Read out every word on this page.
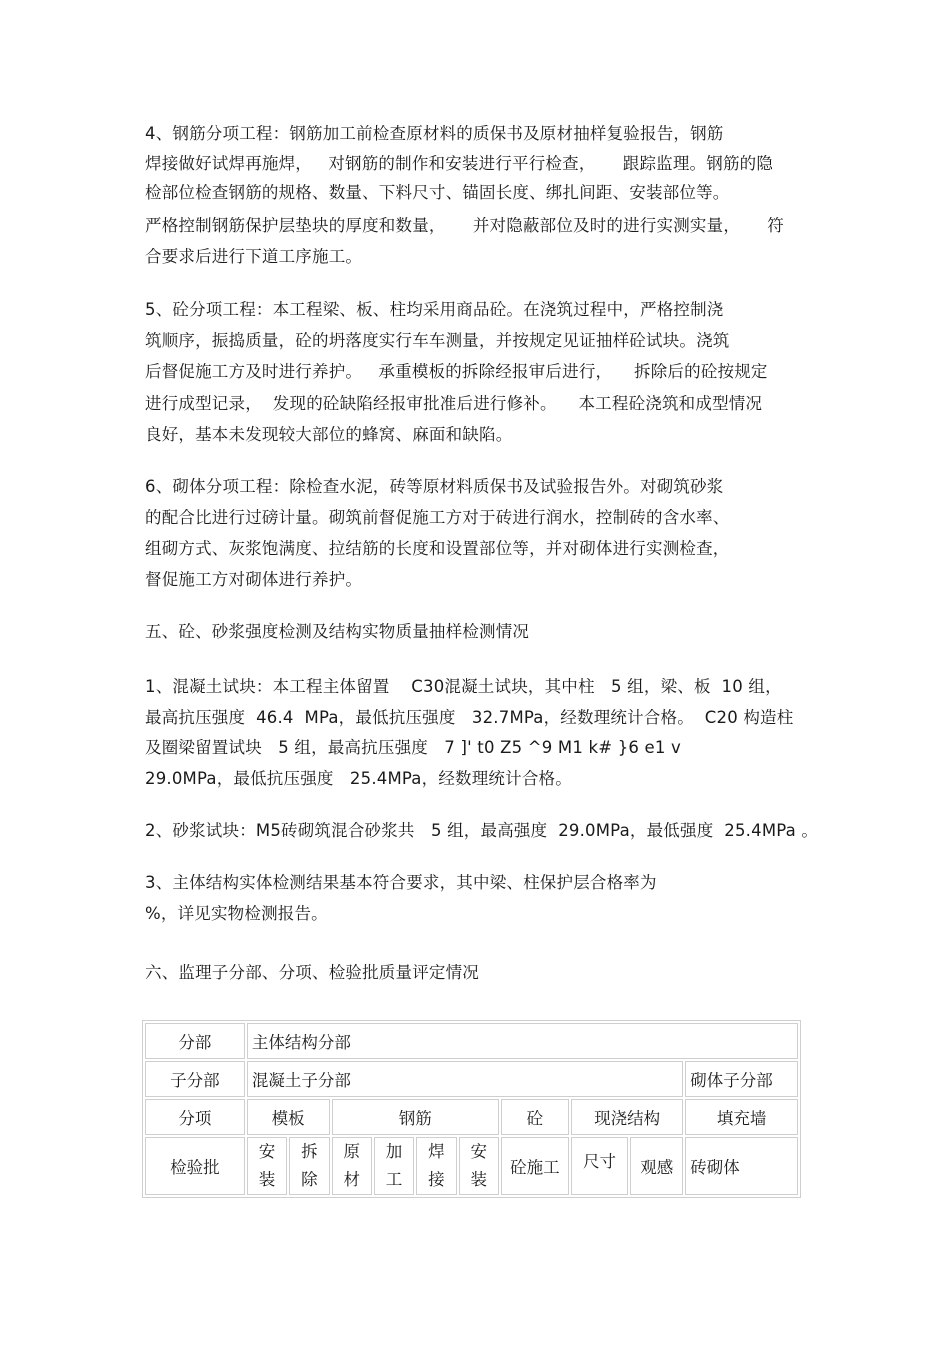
4、钢筋分项工程：钢筋加工前检查原材料的质保书及原材抽样复验报告，钢筋
焊接做好试焊再施焊，   对钢筋的制作和安装进行平行检查，     跟踪监理。钢筋的隐
检部位检查钢筋的规格、数量、下料尺寸、锚固长度、绑扎间距、安装部位等。
严格控制钢筋保护层垫块的厚度和数量，     并对隐蔽部位及时的进行实测实量，     符
合要求后进行下道工序施工。
5、砼分项工程：本工程梁、板、柱均采用商品砼。在浇筑过程中，严格控制浇
筑顺序，振捣质量，砼的坍落度实行车车测量，并按规定见证抽样砼试块。浇筑
后督促施工方及时进行养护。   承重模板的拆除经报审后进行，    拆除后的砼按规定
进行成型记录，  发现的砼缺陷经报审批准后进行修补。    本工程砼浇筑和成型情况
良好，基本未发现较大部位的蜂窝、麻面和缺陷。
6、砌体分项工程：除检查水泥，砖等原材料质保书及试验报告外。对砌筑砂浆
的配合比进行过磅计量。砌筑前督促施工方对于砖进行润水，控制砖的含水率、
组砌方式、灰浆饱满度、拉结筋的长度和设置部位等，并对砌体进行实测检查，
督促施工方对砌体进行养护。
五、砼、砂浆强度检测及结构实物质量抽样检测情况
1、混凝土试块：本工程主体留置    C30混凝土试块，其中柱   5 组，梁、板  10 组，
最高抗压强度  46.4  MPa，最低抗压强度   32.7MPa，经数理统计合格。  C20 构造柱
及圈梁留置试块   5 组，最高抗压强度   7 ]' t0 Z5 ^9 M1 k# }6 e1 v
29.0MPa，最低抗压强度   25.4MPa，经数理统计合格。
2、砂浆试块：M5砖砌筑混合砂浆共   5 组，最高强度  29.0MPa，最低强度  25.4MPa 。
3、主体结构实体检测结果基本符合要求，其中梁、柱保护层合格率为
%，详见实物检测报告。
六、监理子分部、分项、检验批质量评定情况
分部	主体结构分部									
子分部	混凝土子分部									砌体子分部
分项	模板		钢筋				砼	现浇结构		填充墙
检验批	安装	拆除	原材	加工	焊接	安装	砼施工	尺寸	观感	砖砌体
